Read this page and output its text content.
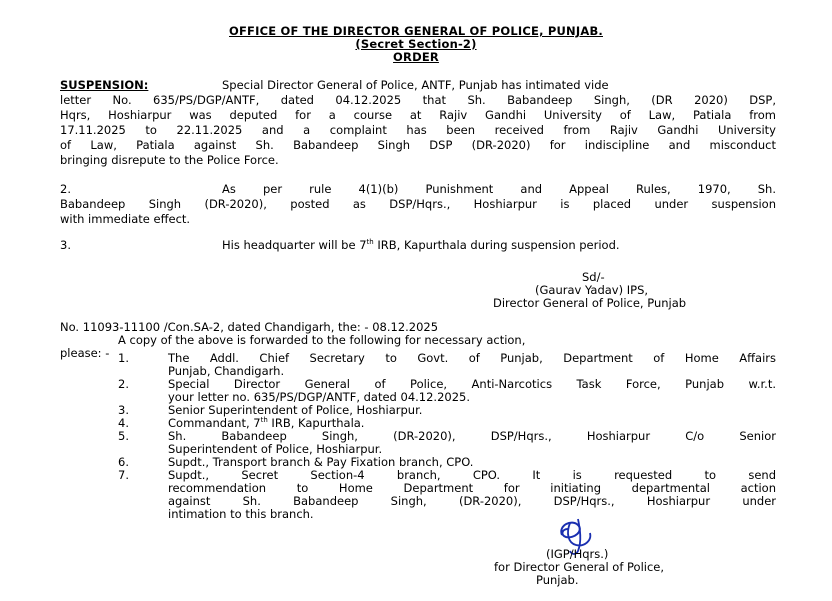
OFFICE OF THE DIRECTOR GENERAL OF POLICE, PUNJAB.
(Secret Section-2)
ORDER
SUSPENSION:	Special Director General of Police, ANTF, Punjab has intimated vide
letter No. 635/PS/DGP/ANTF, dated 04.12.2025 that Sh. Babandeep Singh, (DR 2020) DSP,
Hqrs, Hoshiarpur was deputed for a course at Rajiv Gandhi University of Law, Patiala from
17.11.2025 to 22.11.2025 and a complaint has been received from Rajiv Gandhi University
of Law, Patiala against Sh. Babandeep Singh DSP (DR-2020) for indiscipline and misconduct
bringing disrepute to the Police Force.
2.	As per rule 4(1)(b) Punishment and Appeal Rules, 1970, Sh.
Babandeep Singh (DR-2020), posted as DSP/Hqrs., Hoshiarpur is placed under suspension
with immediate effect.
3.	His headquarter will be 7th IRB, Kapurthala during suspension period.
Sd/-
(Gaurav Yadav) IPS,
Director General of Police, Punjab
No. 11093-11100 /Con.SA-2, dated Chandigarh, the: - 08.12.2025
A copy of the above is forwarded to the following for necessary action,
please: - 1.	The Addl. Chief Secretary to Govt. of Punjab, Department of Home Affairs
Punjab, Chandigarh.
2.	Special Director General of Police, Anti-Narcotics Task Force, Punjab w.r.t.
your letter no. 635/PS/DGP/ANTF, dated 04.12.2025.
3.	Senior Superintendent of Police, Hoshiarpur.
4.	Commandant, 7th IRB, Kapurthala.
5.	Sh. Babandeep Singh, (DR-2020), DSP/Hqrs., Hoshiarpur C/o Senior
Superintendent of Police, Hoshiarpur.
6.	Supdt., Transport branch & Pay Fixation branch, CPO.
7.	Supdt., Secret Section-4 branch, CPO. It is requested to send
recommendation to Home Department for initiating departmental action
against Sh. Babandeep Singh, (DR-2020), DSP/Hqrs., Hoshiarpur under
intimation to this branch.
(IGP/Hqrs.)
for Director General of Police,
Punjab.
